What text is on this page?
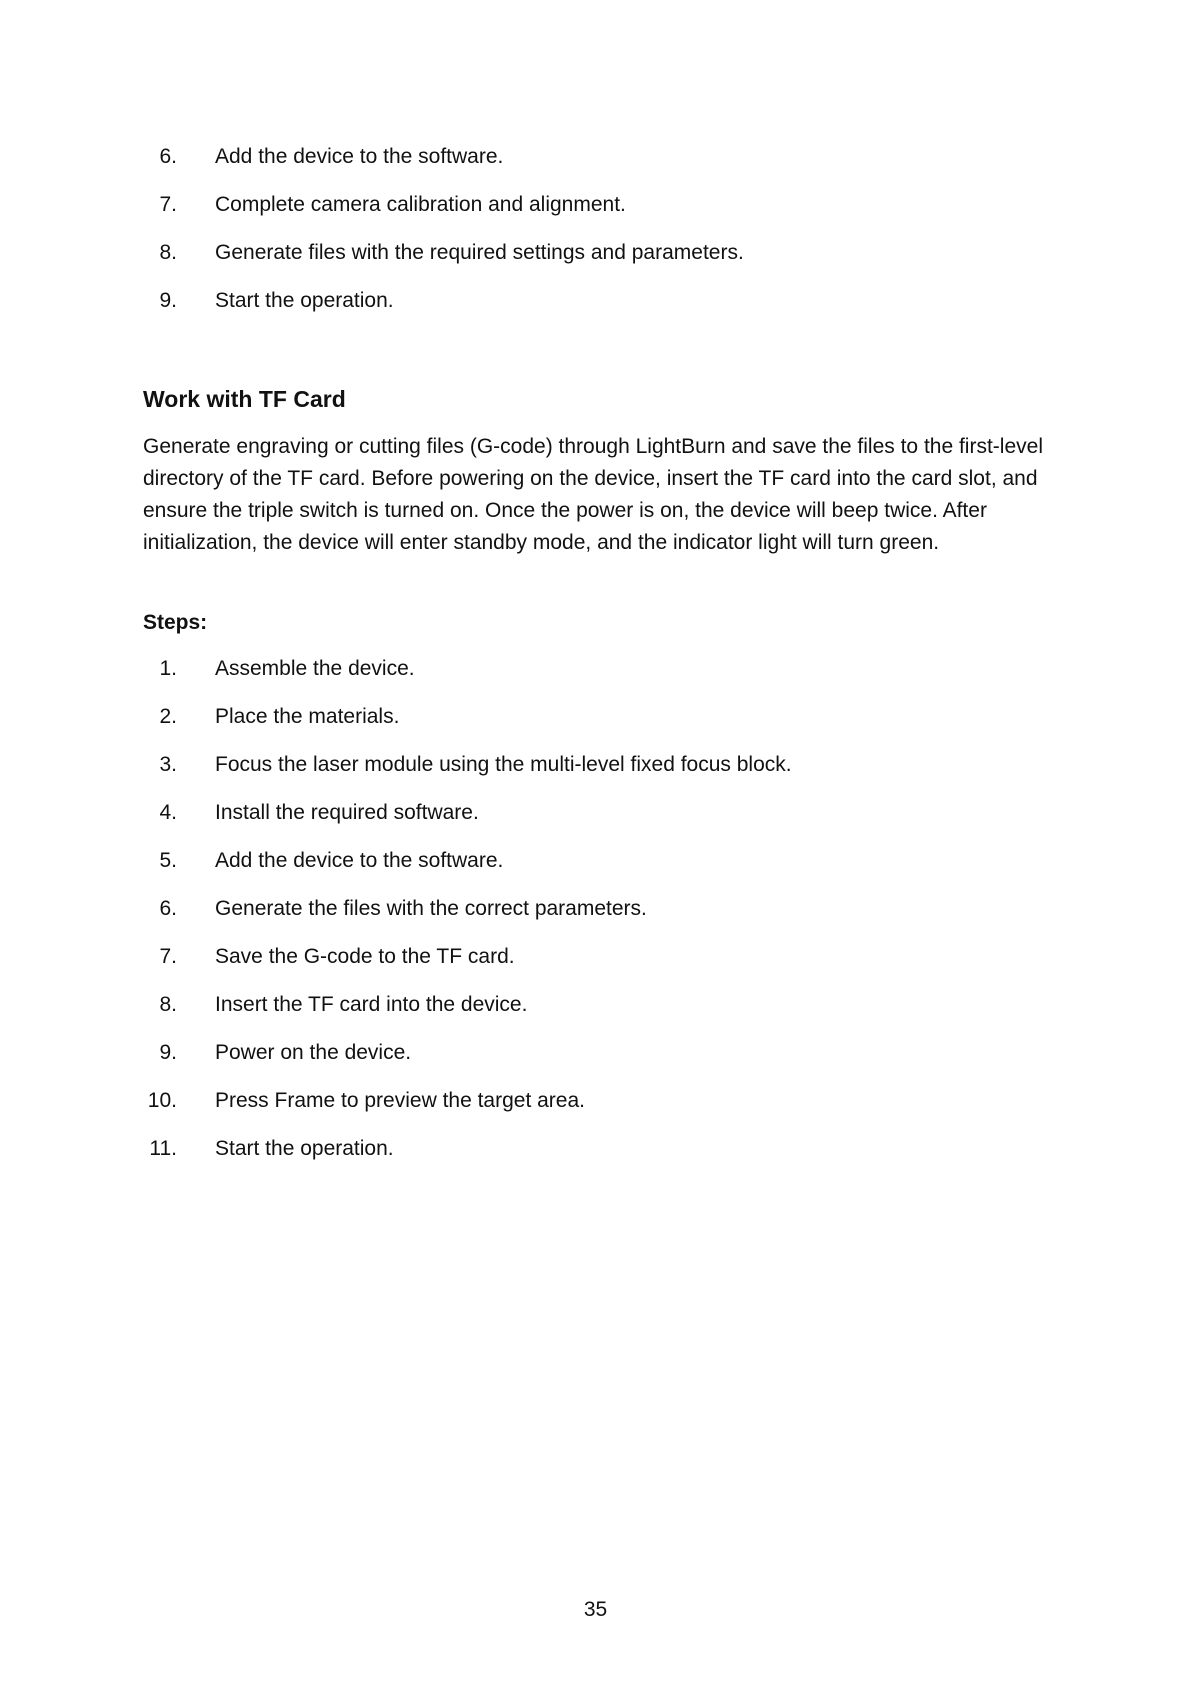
6. Add the device to the software.
7. Complete camera calibration and alignment.
8. Generate files with the required settings and parameters.
9. Start the operation.
Work with TF Card

Generate engraving or cutting files (G-code) through LightBurn and save the files to the first-level directory of the TF card. Before powering on the device, insert the TF card into the card slot, and ensure the triple switch is turned on. Once the power is on, the device will beep twice. After initialization, the device will enter standby mode, and the indicator light will turn green.

Steps:

1. Assemble the device.
2. Place the materials.
3. Focus the laser module using the multi-level fixed focus block.
4. Install the required software.
5. Add the device to the software.
6. Generate the files with the correct parameters.
7. Save the G-code to the TF card.
8. Insert the TF card into the device.
9. Power on the device.
10. Press Frame to preview the target area.
11. Start the operation.
35
